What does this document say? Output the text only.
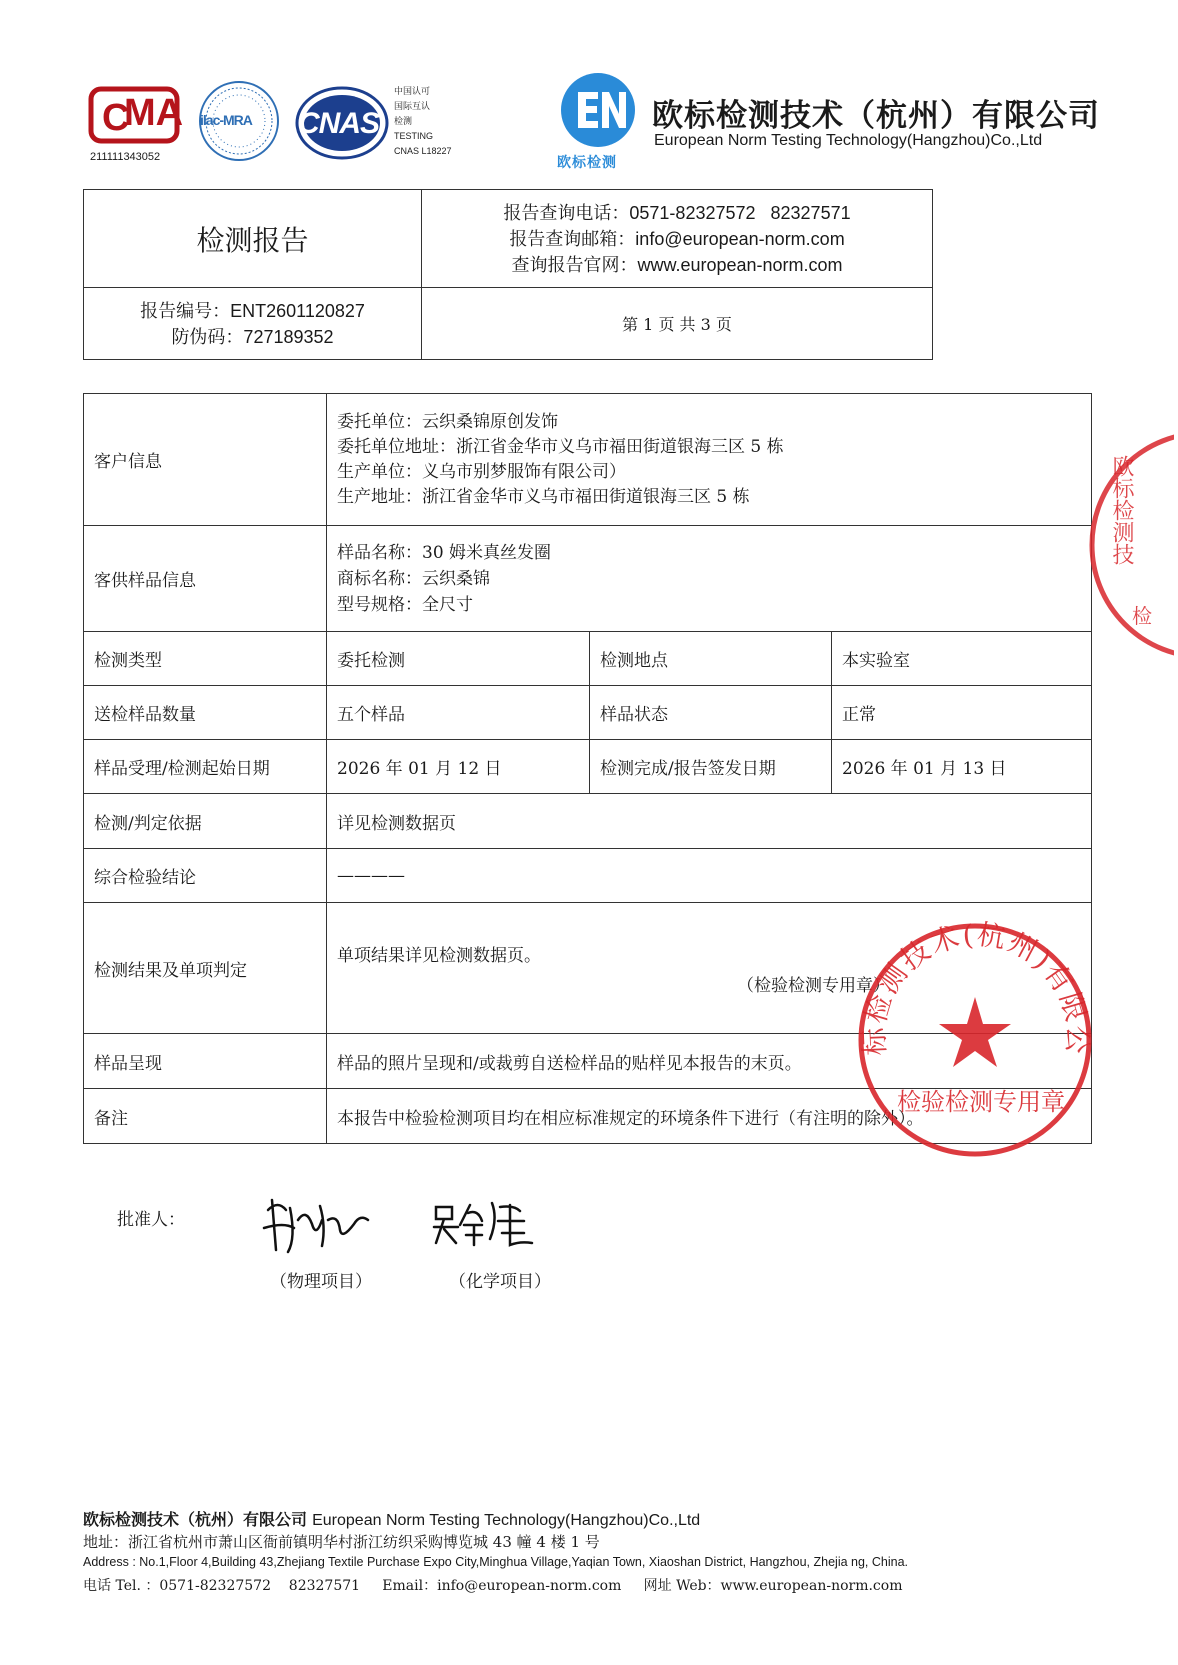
C
MA
211111343052
ilac-MRA CNAS
中国认可
国际互认
检测
TESTING
CNAS L18227
欧标检测
欧标检测技术（杭州）有限公司
European Norm Testing Technology(Hangzhou)Co.,Ltd
检测报告	报告查询电话：0571-82327572   82327571
报告查询邮箱：info@european-norm.com
查询报告官网：www.european-norm.com

报告编号：ENT2601120827
防伪码：727189352	第 1 页 共 3 页
客户信息	委托单位：云织桑锦原创发饰
委托单位地址：浙江省金华市义乌市福田街道银海三区 5 栋
生产单位：义乌市别梦服饰有限公司）
生产地址：浙江省金华市义乌市福田街道银海三区 5 栋		

客供样品信息	样品名称：30 姆米真丝发圈
商标名称：云织桑锦
型号规格：全尺寸		

检测类型	委托检测	检测地点	本实验室
送检样品数量	五个样品	样品状态	正常
样品受理/检测起始日期	2026 年 01 月 12 日	检测完成/报告签发日期	2026 年 01 月 13 日
检测/判定依据	详见检测数据页		
综合检验结论	————		
检测结果及单项判定	单项结果详见检测数据页。
（检验检测专用章）		

样品呈现	样品的照片呈现和/或裁剪自送检样品的贴样见本报告的末页。		
备注	本报告中检验检测项目均在相应标准规定的环境条件下进行（有注明的除外）。		
批准人：
（物理项目）	（化学项目）
标检测技术(杭州)有限公
检验检测专用章
欧标检测技
检
欧标检测技术（杭州）有限公司 European Norm Testing Technology(Hangzhou)Co.,Ltd
地址：浙江省杭州市萧山区衙前镇明华村浙江纺织采购博览城 43 幢 4 楼 1 号
Address : No.1,Floor 4,Building 43,Zhejiang Textile Purchase Expo City,Minghua Village,Yaqian Town, Xiaoshan District, Hangzhou, Zhejia ng, China.
电话 Tel. ：0571-82327572    82327571     Email：info@european-norm.com     网址 Web：www.european-norm.com
